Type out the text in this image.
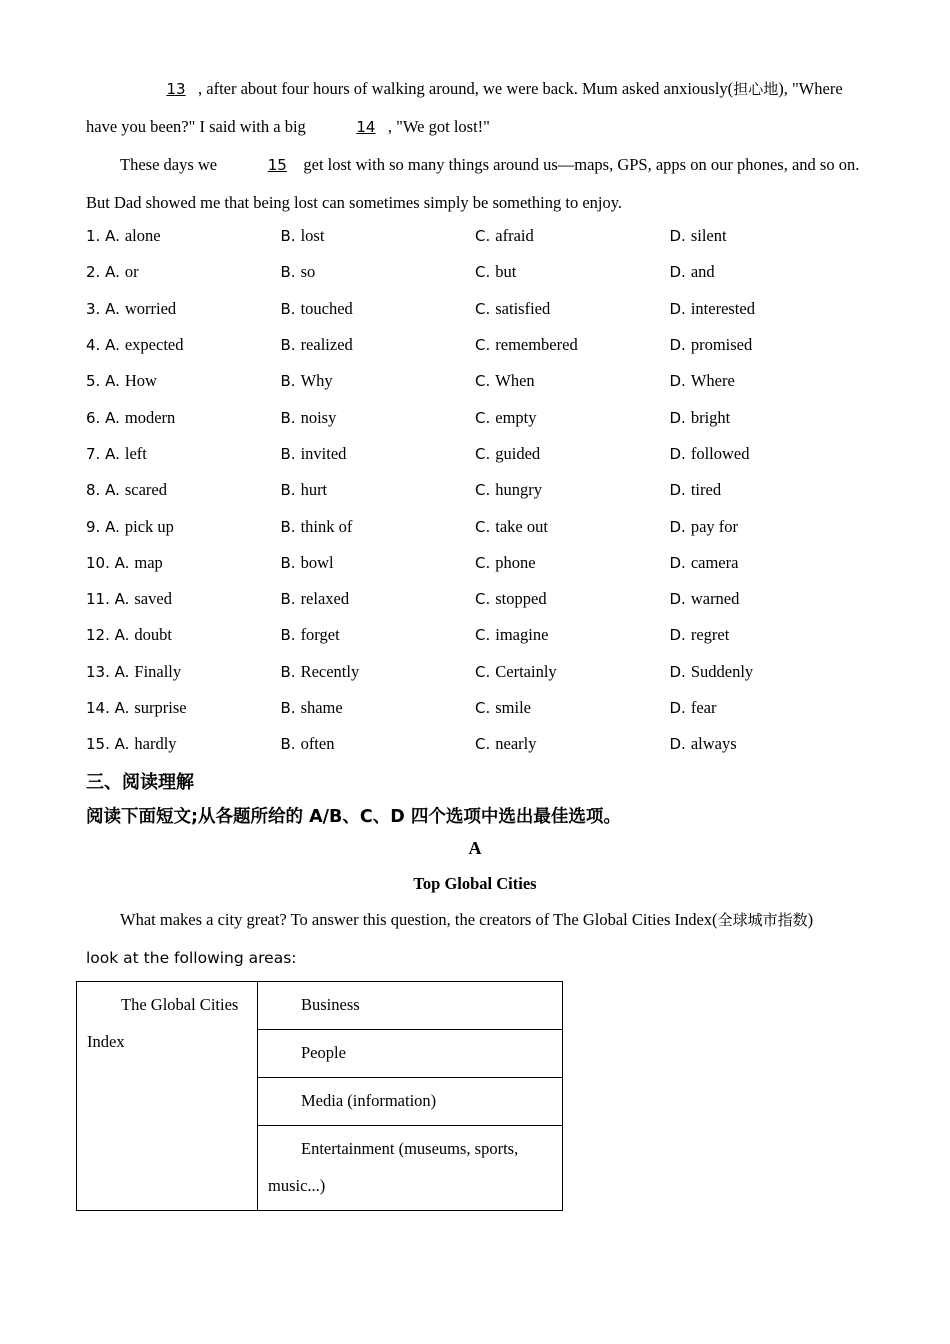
13 , after about four hours of walking around, we were back. Mum asked anxiously(担心地), "Where have you been?" I said with a big	14 , "We got lost!"

These days we	15 get lost with so many things around us—maps, GPS, apps on our phones, and so on. But Dad showed me that being lost can sometimes simply be something to enjoy.

1. A. alone	B. lost	C. afraid	D. silent
2. A. or	B. so	C. but	D. and
3. A. worried	B. touched	C. satisfied	D. interested
4. A. expected	B. realized	C. remembered	D. promised
5. A. How	B. Why	C. When	D. Where
6. A. modern	B. noisy	C. empty	D. bright
7. A. left	B. invited	C. guided	D. followed
8. A. scared	B. hurt	C. hungry	D. tired
9. A. pick up	B. think of	C. take out	D. pay for
10. A. map	B. bowl	C. phone	D. camera
11. A. saved	B. relaxed	C. stopped	D. warned
12. A. doubt	B. forget	C. imagine	D. regret
13. A. Finally	B. Recently	C. Certainly	D. Suddenly
14. A. surprise	B. shame	C. smile	D. fear
15. A. hardly	B. often	C. nearly	D. always
三、阅读理解
阅读下面短文;从各题所给的 A/B、C、D 四个选项中选出最佳选项。
A
Top Global Cities

What makes a city great? To answer this question, the creators of The Global Cities Index(全球城市指数)

look at the following areas:

The Global Cities Index

Business

People

Media (information)

Entertainment (museums, sports, music...)
